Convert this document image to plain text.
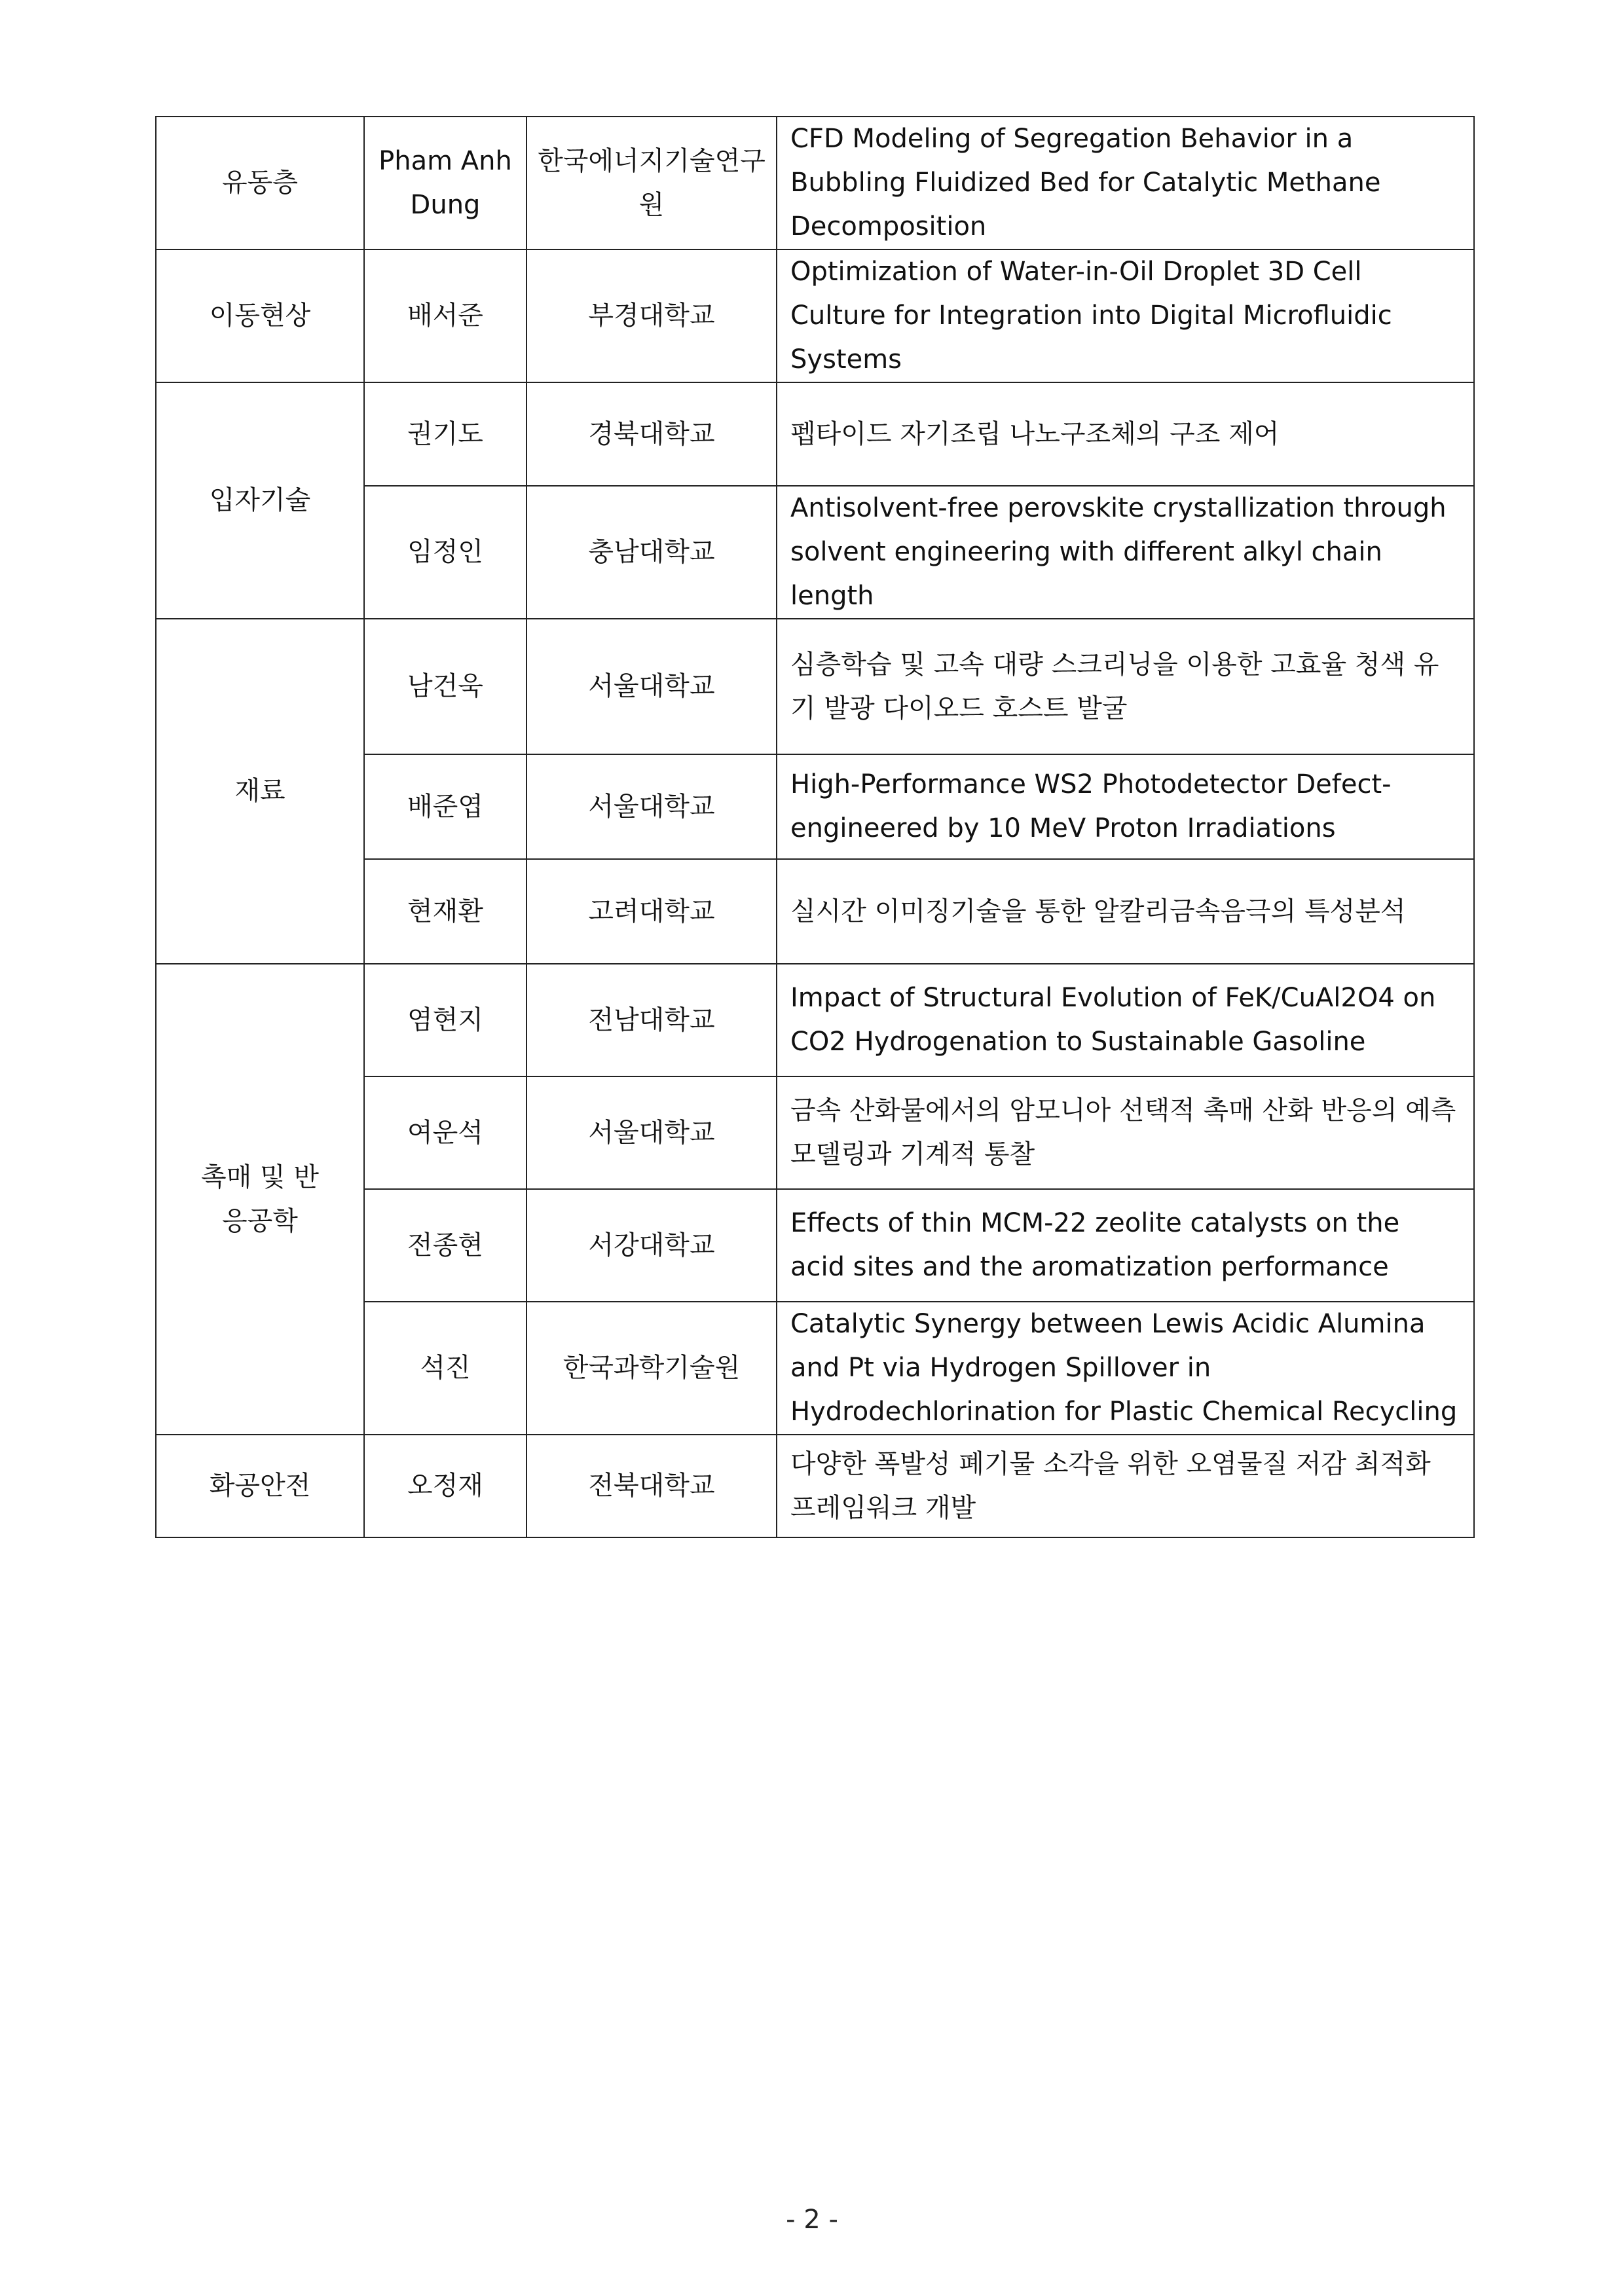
유동층	Pham Anh Dung	한국에너지기술연구원	CFD Modeling of Segregation Behavior in a Bubbling Fluidized Bed for Catalytic Methane Decomposition
이동현상	배서준	부경대학교	Optimization of Water-in-Oil Droplet 3D Cell Culture for Integration into Digital Microfluidic Systems
입자기술	권기도	경북대학교	펩타이드 자기조립 나노구조체의 구조 제어
	임정인	충남대학교	Antisolvent-free perovskite crystallization through solvent engineering with different alkyl chain length
재료	남건욱	서울대학교	심층학습 및 고속 대량 스크리닝을 이용한 고효율 청색 유기 발광 다이오드 호스트 발굴
	배준엽	서울대학교	High-Performance WS2 Photodetector Defect-engineered by 10 MeV Proton Irradiations
	현재환	고려대학교	실시간 이미징기술을 통한 알칼리금속음극의 특성분석
촉매 및 반응공학	염현지	전남대학교	Impact of Structural Evolution of FeK/CuAl2O4 on CO2 Hydrogenation to Sustainable Gasoline
	여운석	서울대학교	금속 산화물에서의 암모니아 선택적 촉매 산화 반응의 예측 모델링과 기계적 통찰
	전종현	서강대학교	Effects of thin MCM-22 zeolite catalysts on the acid sites and the aromatization performance
	석진	한국과학기술원	Catalytic Synergy between Lewis Acidic Alumina and Pt via Hydrogen Spillover in Hydrodechlorination for Plastic Chemical Recycling
화공안전	오정재	전북대학교	다양한 폭발성 폐기물 소각을 위한 오염물질 저감 최적화 프레임워크 개발
- 2 -
